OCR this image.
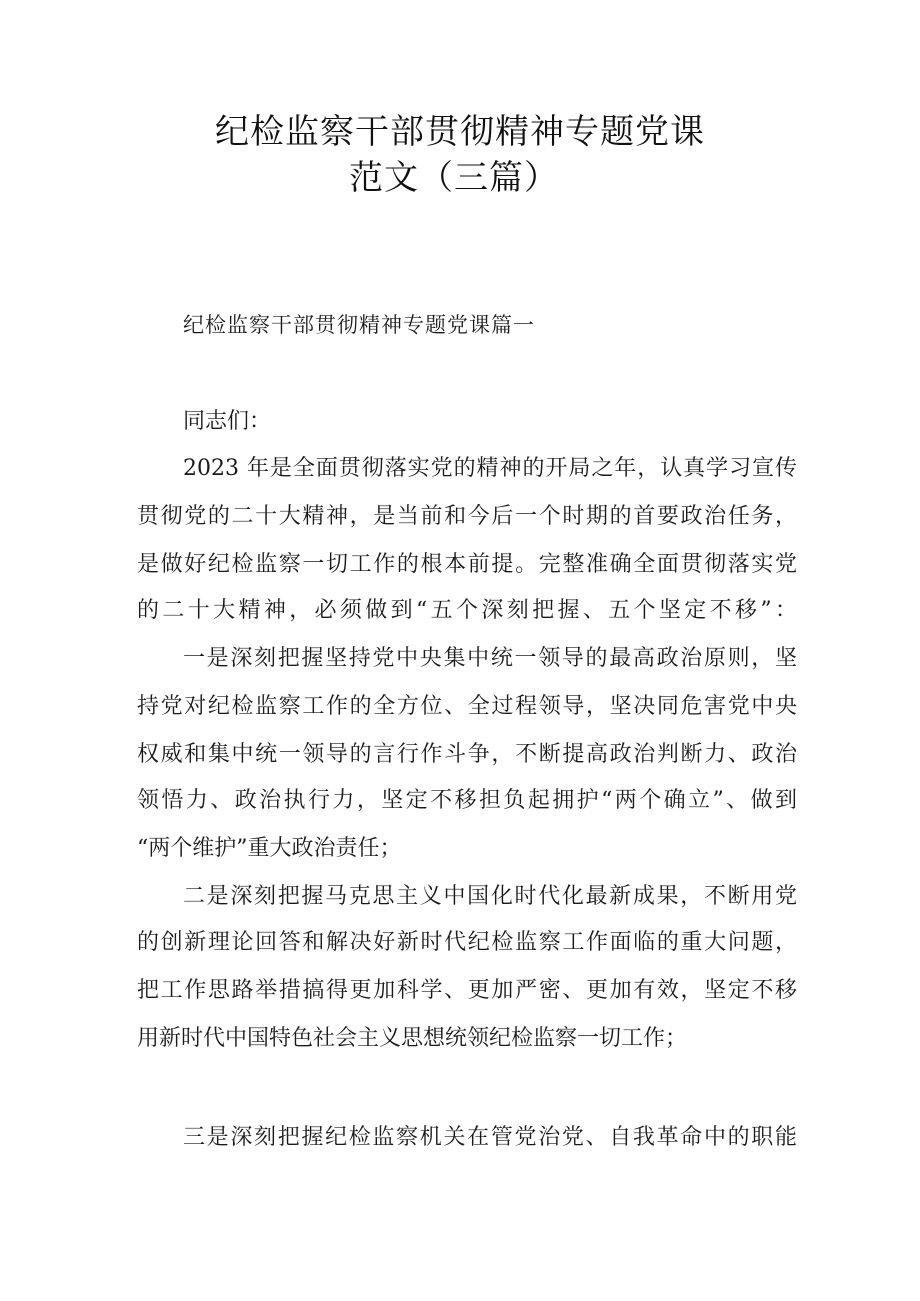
纪检监察干部贯彻精神专题党课
范文（三篇）
纪检监察干部贯彻精神专题党课篇一
同志们：
2023 年是全面贯彻落实党的精神的开局之年，认真学习宣传
贯彻党的二十大精神，是当前和今后一个时期的首要政治任务，
是做好纪检监察一切工作的根本前提。完整准确全面贯彻落实党
的二十大精神，必须做到“五个深刻把握、五个坚定不移”：
一是深刻把握坚持党中央集中统一领导的最高政治原则，坚
持党对纪检监察工作的全方位、全过程领导，坚决同危害党中央
权威和集中统一领导的言行作斗争，不断提高政治判断力、政治
领悟力、政治执行力，坚定不移担负起拥护“两个确立”、做到
“两个维护”重大政治责任；
二是深刻把握马克思主义中国化时代化最新成果，不断用党
的创新理论回答和解决好新时代纪检监察工作面临的重大问题，
把工作思路举措搞得更加科学、更加严密、更加有效，坚定不移
用新时代中国特色社会主义思想统领纪检监察一切工作；
三是深刻把握纪检监察机关在管党治党、自我革命中的职能
